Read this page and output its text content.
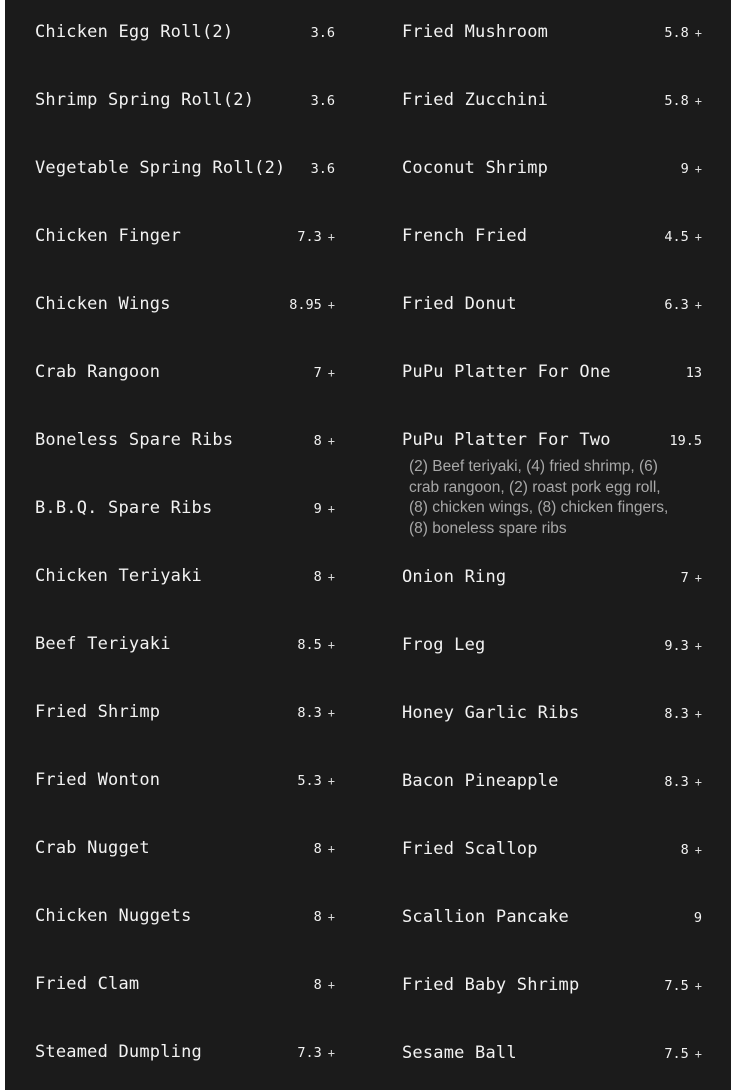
Chicken Egg Roll(2)	3.6
Shrimp Spring Roll(2)	3.6
Vegetable Spring Roll(2) 3.6
Chicken Finger	7.3 +
Chicken Wings	8.95 +
Crab Rangoon	7 +
Boneless Spare Ribs	8 +
B.B.Q. Spare Ribs	9 +
Chicken Teriyaki	8 +
Beef Teriyaki	8.5 +
Fried Shrimp	8.3 +
Fried Wonton	5.3 +
Crab Nugget	8 +
Chicken Nuggets	8 +
Fried Clam	8 +
Steamed Dumpling	7.3 +
Fried Mushroom	5.8 +
Fried Zucchini	5.8 +
Coconut Shrimp	9 +
French Fried	4.5 +
Fried Donut	6.3 +
PuPu Platter For One	13
PuPu Platter For Two	19.5
(2) Beef teriyaki, (4) fried shrimp, (6) crab rangoon, (2) roast pork egg roll, (8) chicken wings, (8) chicken fingers, (8) boneless spare ribs
Onion Ring	7 +
Frog Leg	9.3 +
Honey Garlic Ribs	8.3 +
Bacon Pineapple	8.3 +
Fried Scallop	8 +
Scallion Pancake	9
Fried Baby Shrimp	7.5 +
Sesame Ball	7.5 +
